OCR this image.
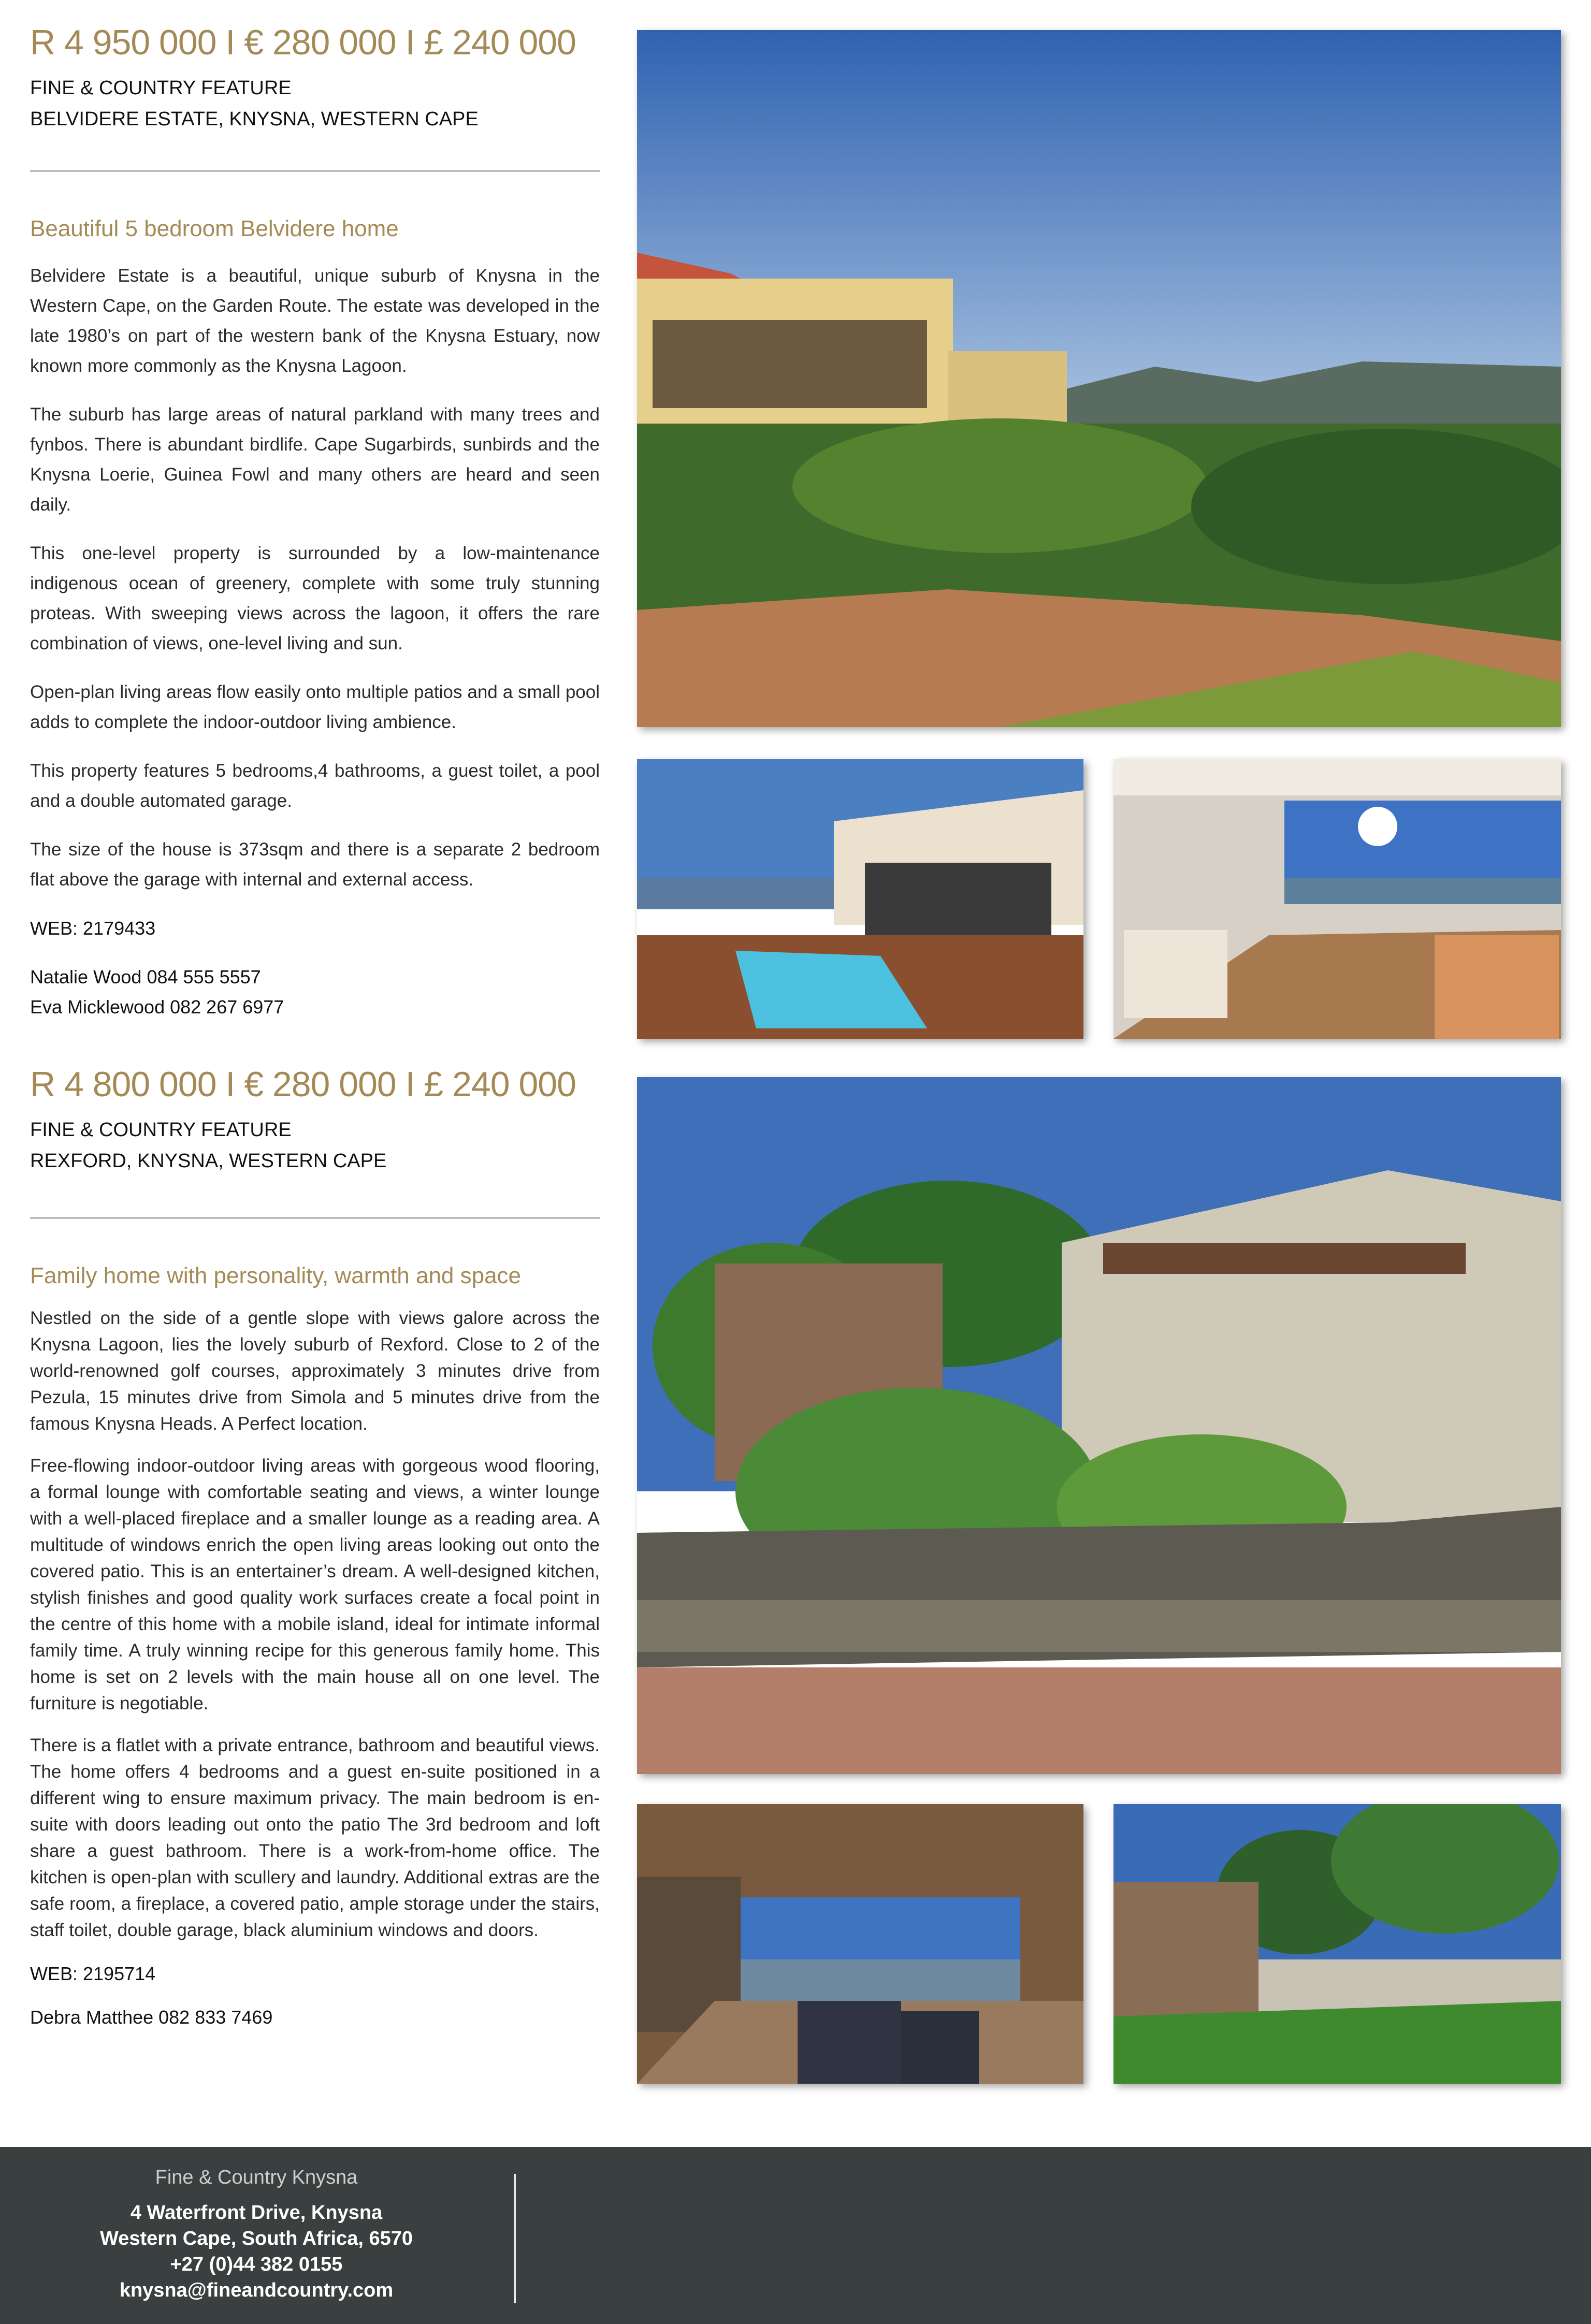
R 4 950 000 I € 280 000 I £ 240 000
FINE & COUNTRY FEATURE
BELVIDERE ESTATE, KNYSNA, WESTERN CAPE
Beautiful 5 bedroom Belvidere home

Belvidere Estate is a beautiful, unique suburb of Knysna in the Western Cape, on the Garden Route. The estate was developed in the late 1980’s on part of the western bank of the Knysna Estuary, now known more commonly as the Knysna Lagoon.

The suburb has large areas of natural parkland with many trees and fynbos. There is abundant birdlife. Cape Sugarbirds, sunbirds and the Knysna Loerie, Guinea Fowl and many others are heard and seen daily.

This one-level property is surrounded by a low-maintenance indigenous ocean of greenery, complete with some truly stunning proteas. With sweeping views across the lagoon, it offers the rare combination of views, one-level living and sun.

Open-plan living areas flow easily onto multiple patios and a small pool adds to complete the indoor-outdoor living ambience.

This property features 5 bedrooms,4 bathrooms, a guest toilet, a pool and a double automated garage.

The size of the house is 373sqm and there is a separate 2 bedroom flat above the garage with internal and external access.

WEB: 2179433
Natalie Wood 084 555 5557
Eva Micklewood 082 267 6977
R 4 800 000 I € 280 000 I £ 240 000
FINE & COUNTRY FEATURE
REXFORD, KNYSNA, WESTERN CAPE
Family home with personality, warmth and space

Nestled on the side of a gentle slope with views galore across the Knysna Lagoon, lies the lovely suburb of Rexford. Close to 2 of the world-renowned golf courses, approximately 3 minutes drive from Pezula, 15 minutes drive from Simola and 5 minutes drive from the famous Knysna Heads. A Perfect location.

Free-flowing indoor-outdoor living areas with gorgeous wood flooring, a formal lounge with comfortable seating and views, a winter lounge with a well-placed fireplace and a smaller lounge as a reading area. A multitude of windows enrich the open living areas looking out onto the covered patio. This is an entertainer’s dream. A well-designed kitchen, stylish finishes and good quality work surfaces create a focal point in the centre of this home with a mobile island, ideal for intimate informal family time. A truly winning recipe for this generous family home. This home is set on 2 levels with the main house all on one level. The furniture is negotiable.

There is a flatlet with a private entrance, bathroom and beautiful views. The home offers 4 bedrooms and a guest en-suite positioned in a different wing to ensure maximum privacy. The main bedroom is en-suite with doors leading out onto the patio The 3rd bedroom and loft share a guest bathroom. There is a work-from-home office. The kitchen is open-plan with scullery and laundry. Additional extras are the safe room, a fireplace, a covered patio, ample storage under the stairs, staff toilet, double garage, black aluminium windows and doors.

WEB: 2195714
Debra Matthee 082 833 7469
Fine & Country Knysna
4 Waterfront Drive, Knysna
Western Cape, South Africa, 6570
+27 (0)44 382 0155
knysna@fineandcountry.com
